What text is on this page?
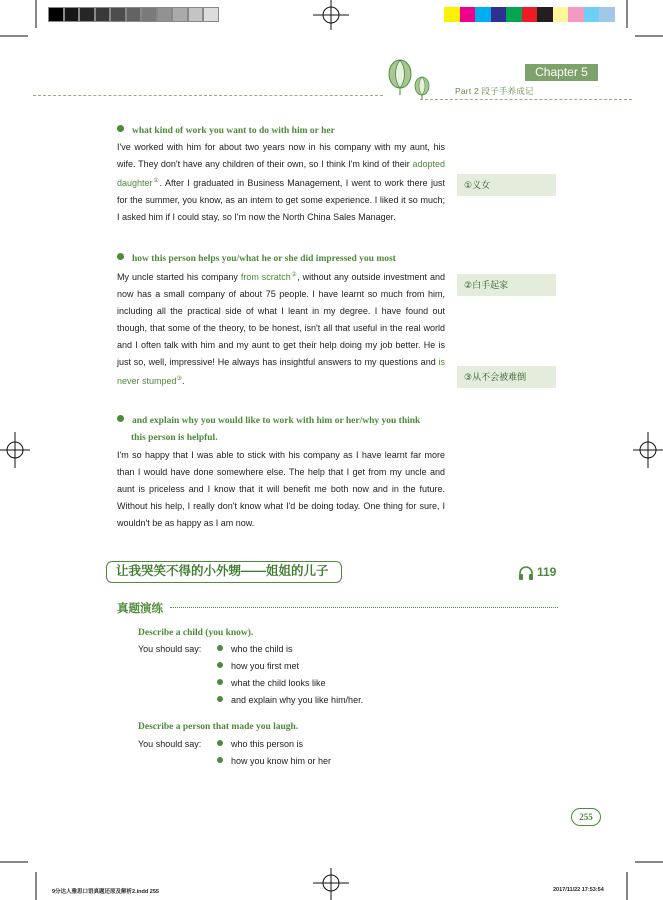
Chapter 5
Part 2 段子手养成记
what kind of work you want to do with him or her
I've worked with him for about two years now in his company with my aunt, his wife. They don't have any children of their own, so I think I'm kind of their adopted daughter①. After I graduated in Business Management, I went to work there just for the summer, you know, as an intern to get some experience. I liked it so much; I asked him if I could stay, so I'm now the North China Sales Manager.
how this person helps you/what he or she did impressed you most
My uncle started his company from scratch②, without any outside investment and now has a small company of about 75 people. I have learnt so much from him, including all the practical side of what I leant in my degree. I have found out though, that some of the theory, to be honest, isn't all that useful in the real world and I often talk with him and my aunt to get their help doing my job better. He is just so, well, impressive! He always has insightful answers to my questions and is never stumped③.
and explain why you would like to work with him or her/why you think
this person is helpful.
I'm so happy that I was able to stick with his company as I have learnt far more than I would have done somewhere else. The help that I get from my uncle and aunt is priceless and I know that it will benefit me both now and in the future. Without his help, I really don't know what I'd be doing today. One thing for sure, I wouldn't be as happy as I am now.
①义女
②白手起家
③从不会被难倒
让我哭笑不得的小外甥——姐姐的儿子	119
真题演练
Describe a child (you know).
You should say:	who the child is
how you first met
what the child looks like
and explain why you like him/her.
Describe a person that made you laugh.
You should say:	who this person is
how you know him or her
255
9分达人雅思口语真题还原及解析2.indd 255	2017/11/22 17:53:54
